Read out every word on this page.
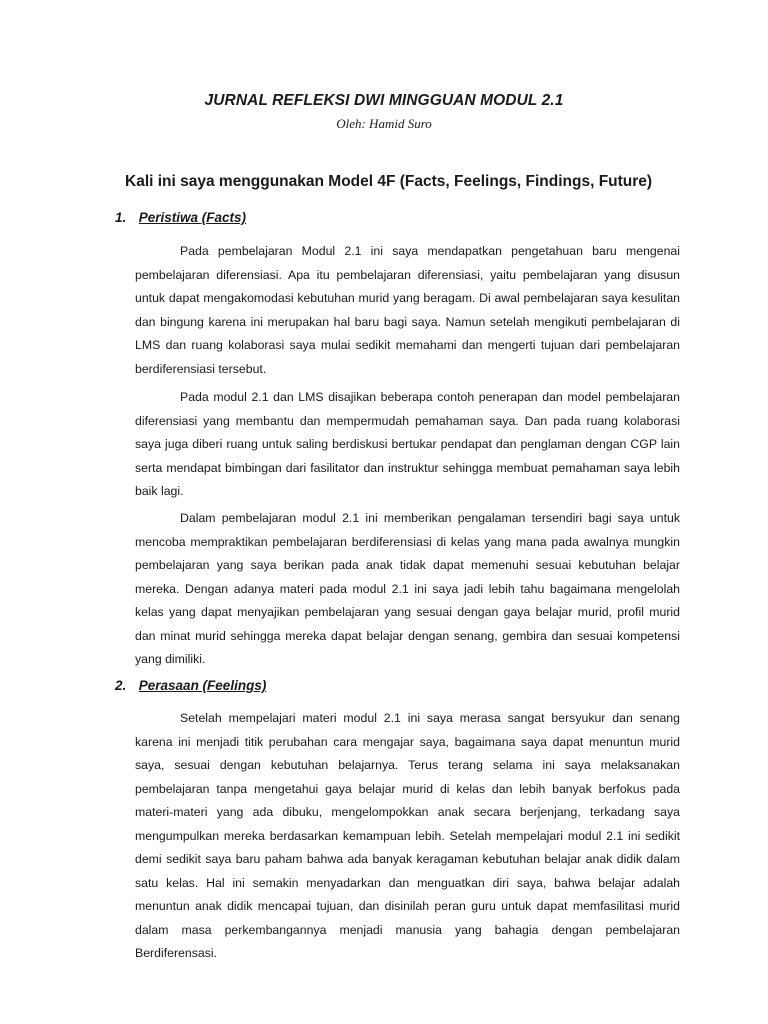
JURNAL REFLEKSI DWI MINGGUAN MODUL 2.1
Oleh: Hamid Suro
Kali ini saya menggunakan Model 4F (Facts, Feelings, Findings, Future)
1. Peristiwa (Facts)

Pada pembelajaran Modul 2.1 ini saya mendapatkan pengetahuan baru mengenai pembelajaran diferensiasi. Apa itu pembelajaran diferensiasi, yaitu pembelajaran yang disusun untuk dapat mengakomodasi kebutuhan murid yang beragam. Di awal pembelajaran saya kesulitan dan bingung karena ini merupakan hal baru bagi saya. Namun setelah mengikuti pembelajaran di LMS dan ruang kolaborasi saya mulai sedikit memahami dan mengerti tujuan dari pembelajaran berdiferensiasi tersebut.

Pada modul 2.1 dan LMS disajikan beberapa contoh penerapan dan model pembelajaran diferensiasi yang membantu dan mempermudah pemahaman saya. Dan pada ruang kolaborasi saya juga diberi ruang untuk saling berdiskusi bertukar pendapat dan penglaman dengan CGP lain serta mendapat bimbingan dari fasilitator dan instruktur sehingga membuat pemahaman saya lebih baik lagi.

Dalam pembelajaran modul 2.1 ini memberikan pengalaman tersendiri bagi saya untuk mencoba mempraktikan pembelajaran berdiferensiasi di kelas yang mana pada awalnya mungkin pembelajaran yang saya berikan pada anak tidak dapat memenuhi sesuai kebutuhan belajar mereka. Dengan adanya materi pada modul 2.1 ini saya jadi lebih tahu bagaimana mengelolah kelas yang dapat menyajikan pembelajaran yang sesuai dengan gaya belajar murid, profil murid dan minat murid sehingga mereka dapat belajar dengan senang, gembira dan sesuai kompetensi yang dimiliki.

2. Perasaan (Feelings)

Setelah mempelajari materi modul 2.1 ini saya merasa sangat bersyukur dan senang karena ini menjadi titik perubahan cara mengajar saya, bagaimana saya dapat menuntun murid saya, sesuai dengan kebutuhan belajarnya. Terus terang selama ini saya melaksanakan pembelajaran tanpa mengetahui gaya belajar murid di kelas dan lebih banyak berfokus pada materi-materi yang ada dibuku, mengelompokkan anak secara berjenjang, terkadang saya mengumpulkan mereka berdasarkan kemampuan lebih. Setelah mempelajari modul 2.1 ini sedikit demi sedikit saya baru paham bahwa ada banyak keragaman kebutuhan belajar anak didik dalam satu kelas. Hal ini semakin menyadarkan dan menguatkan diri saya, bahwa belajar adalah menuntun anak didik mencapai tujuan, dan disinilah peran guru untuk dapat memfasilitasi murid dalam masa perkembangannya menjadi manusia yang bahagia dengan pembelajaran Berdiferensasi.
